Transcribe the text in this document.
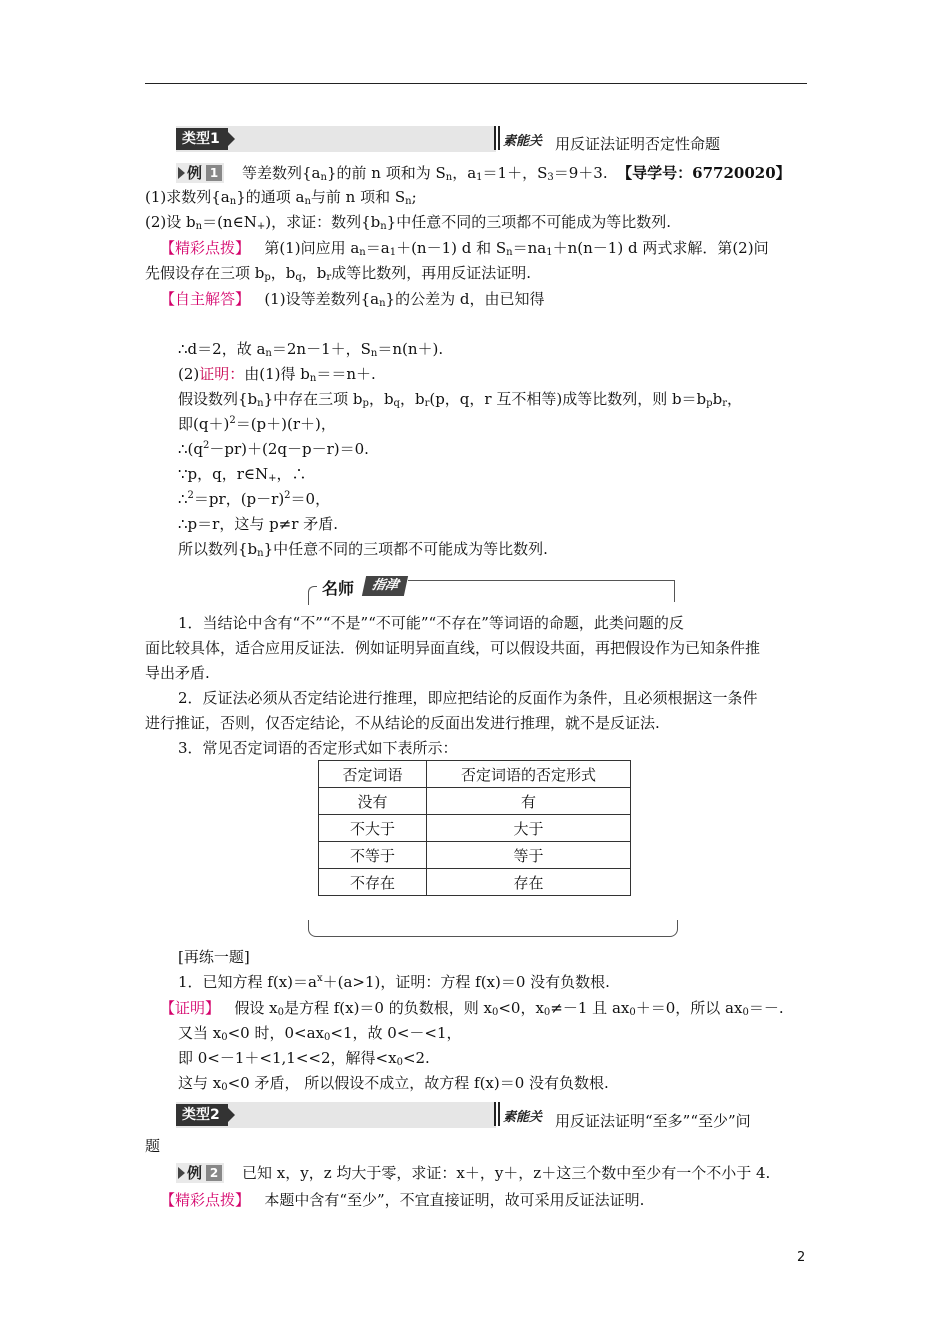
类型1	素能关 用反证法证明否定性命题
例 1 等差数列$\{a_n\}$的前 n 项和为 $S_n$，$a_1=1+$，$S_3=9+3$. 【导学号：67720020】
(1)求数列$\{a_n\}$的通项 $a_n$与前 n 项和 $S_n$;
(2)设 $b_n=(n\in N_+)$，求证：数列$\{b_n\}$中任意不同的三项都不可能成为等比数列.
【精彩点拨】 第(1)问应用 $a_n=a_1+(n-1)$ d 和 $S_n=na_1+n(n-1)$ d 两式求解．第(2)问
先假设存在三项 $b_p$，$b_q$，$b_r$成等比数列，再用反证法证明.
【自主解答】 (1)设等差数列$\{a_n\}$的公差为 d，由已知得
∴d＝2，故 $a_n=2n-1+$，$S_n=n(n+)$.
(2)证明：由(1)得 $b_n==n+$.
假设数列$\{b_n\}$中存在三项 $b_p$，$b_q$，$b_r(p$，q，r 互不相等)成等比数列，则 $b=b_pb_r$，
即$(q+)^2=(p+)(r+)$，
$\therefore(q^2-pr)+(2q-p-r)=0$.
∵p，q，$r\in N_+$，∴
∴$^2$＝pr，$(p-r)^2=0$，
∴p＝r，这与 p≠r 矛盾.
所以数列$\{b_n\}$中任意不同的三项都不可能成为等比数列.
名师	指津
1．当结论中含有“不”“不是”“不可能”“不存在”等词语的命题，此类问题的反
面比较具体，适合应用反证法．例如证明异面直线，可以假设共面，再把假设作为已知条件推
导出矛盾.
2．反证法必须从否定结论进行推理，即应把结论的反面作为条件，且必须根据这一条件
进行推证，否则，仅否定结论，不从结论的反面出发进行推理，就不是反证法.
3．常见否定词语的否定形式如下表所示：
否定词语	否定词语的否定形式
没有	有
不大于	大于
不等于	等于
不存在	存在
[再练一题]
1．已知方程 $f(x)=a^x+(a>1)$，证明：方程 f(x)＝0 没有负数根.
【证明】 假设 $x_0$是方程 f(x)＝0 的负数根，则 $x_0<0$，$x_0\ne-1$ 且 $ax_0+=0$，所以 $ax_0=-$.
又当 $x_0<0$ 时，$0<ax_0<1$，故 0<－<1，
即 0<－1＋<1,1<<2，解得$<x_0<2$.
这与 $x_0<0$ 矛盾， 所以假设不成立，故方程 f(x)＝0 没有负数根.
类型2	素能关 用反证法证明“至多”“至少”问
题
例 2 已知 x，y，z 均大于零，求证：x＋，y＋，z＋这三个数中至少有一个不小于 4.
【精彩点拨】 本题中含有“至少”，不宜直接证明，故可采用反证法证明.
2
